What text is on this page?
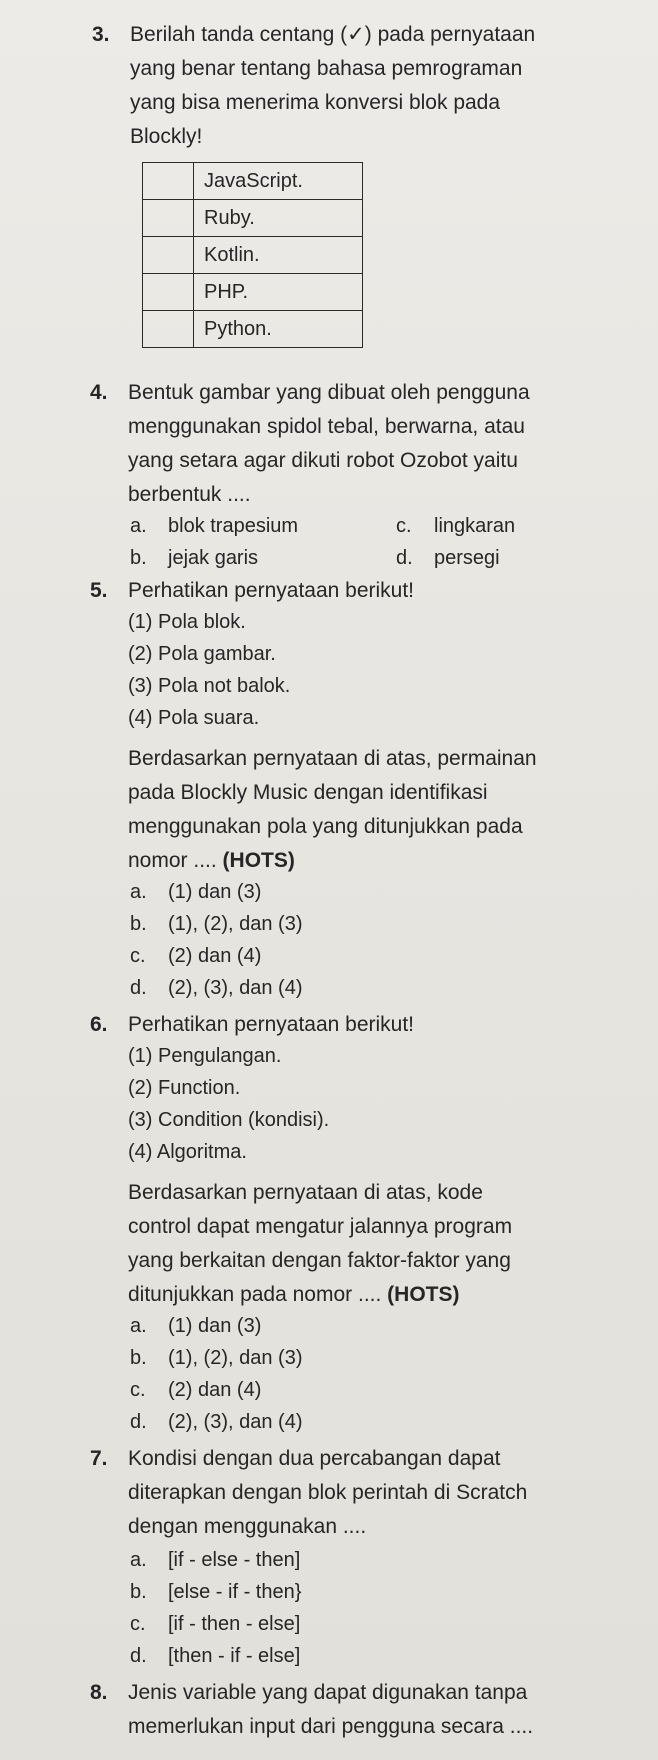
3. Berilah tanda centang (✓) pada pernyataan
yang benar tentang bahasa pemrograman
yang bisa menerima konversi blok pada
Blockly!
	JavaScript.
	Ruby.
	Kotlin.
	PHP.
	Python.
4. Bentuk gambar yang dibuat oleh pengguna
menggunakan spidol tebal, berwarna, atau
yang setara agar dikuti robot Ozobot yaitu
berbentuk ....
a. blok trapesium	c. lingkaran
b. jejak garis	d. persegi
5. Perhatikan pernyataan berikut!
(1) Pola blok.
(2) Pola gambar.
(3) Pola not balok.
(4) Pola suara.
Berdasarkan pernyataan di atas, permainan
pada Blockly Music dengan identifikasi
menggunakan pola yang ditunjukkan pada
nomor .... (HOTS)
a. (1) dan (3)
b. (1), (2), dan (3)
c. (2) dan (4)
d. (2), (3), dan (4)
6. Perhatikan pernyataan berikut!
(1) Pengulangan.
(2) Function.
(3) Condition (kondisi).
(4) Algoritma.
Berdasarkan pernyataan di atas, kode
control dapat mengatur jalannya program
yang berkaitan dengan faktor-faktor yang
ditunjukkan pada nomor .... (HOTS)
a. (1) dan (3)
b. (1), (2), dan (3)
c. (2) dan (4)
d. (2), (3), dan (4)
7. Kondisi dengan dua percabangan dapat
diterapkan dengan blok perintah di Scratch
dengan menggunakan ....
a. [if - else - then]
b. [else - if - then}
c. [if - then - else]
d. [then - if - else]
8. Jenis variable yang dapat digunakan tanpa
memerlukan input dari pengguna secara ....
